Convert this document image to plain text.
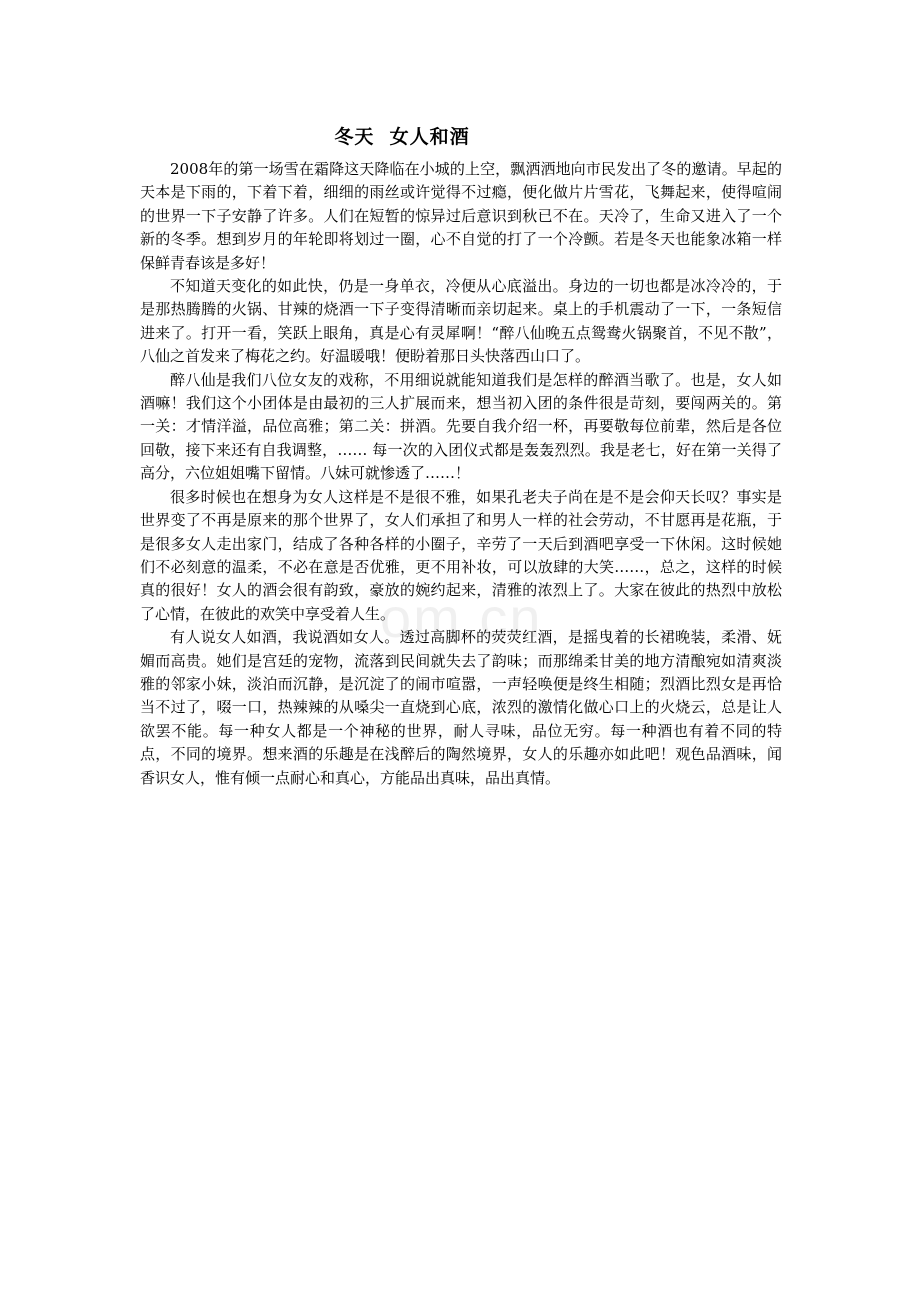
冬天  女人和酒

2008年的第一场雪在霜降这天降临在小城的上空，飘洒洒地向市民发出了冬的邀请。早起的天本是下雨的，下着下着，细细的雨丝或许觉得不过瘾，便化做片片雪花，飞舞起来，使得喧闹的世界一下子安静了许多。人们在短暂的惊异过后意识到秋已不在。天冷了，生命又进入了一个新的冬季。想到岁月的年轮即将划过一圈，心不自觉的打了一个冷颤。若是冬天也能象冰箱一样保鲜青春该是多好！

不知道天变化的如此快，仍是一身单衣，冷便从心底溢出。身边的一切也都是冰冷冷的，于是那热腾腾的火锅、甘辣的烧酒一下子变得清晰而亲切起来。桌上的手机震动了一下，一条短信进来了。打开一看，笑跃上眼角，真是心有灵犀啊！“醉八仙晚五点鸳鸯火锅聚首，不见不散”，八仙之首发来了梅花之约。好温暖哦！便盼着那日头快落西山口了。

醉八仙是我们八位女友的戏称，不用细说就能知道我们是怎样的醉酒当歌了。也是，女人如酒嘛！我们这个小团体是由最初的三人扩展而来，想当初入团的条件很是苛刻，要闯两关的。第一关：才情洋溢，品位高雅；第二关：拼酒。先要自我介绍一杯，再要敬每位前辈，然后是各位回敬，接下来还有自我调整，…… 每一次的入团仪式都是轰轰烈烈。我是老七，好在第一关得了高分，六位姐姐嘴下留情。八妹可就惨透了……！

很多时候也在想身为女人这样是不是很不雅，如果孔老夫子尚在是不是会仰天长叹？事实是世界变了不再是原来的那个世界了，女人们承担了和男人一样的社会劳动，不甘愿再是花瓶，于是很多女人走出家门，结成了各种各样的小圈子，辛劳了一天后到酒吧享受一下休闲。这时候她们不必刻意的温柔，不必在意是否优雅，更不用补妆，可以放肆的大笑……，总之，这样的时候真的很好！女人的酒会很有韵致，豪放的婉约起来，清雅的浓烈上了。大家在彼此的热烈中放松了心情，在彼此的欢笑中享受着人生。

有人说女人如酒，我说酒如女人。透过高脚杯的荧荧红酒，是摇曳着的长裙晚装，柔滑、妩媚而高贵。她们是宫廷的宠物，流落到民间就失去了韵味；而那绵柔甘美的地方清酿宛如清爽淡雅的邻家小妹，淡泊而沉静，是沉淀了的闹市喧嚣，一声轻唤便是终生相随；烈酒比烈女是再恰当不过了，啜一口，热辣辣的从嗓尖一直烧到心底，浓烈的激情化做心口上的火烧云，总是让人欲罢不能。每一种女人都是一个神秘的世界，耐人寻味，品位无穷。每一种酒也有着不同的特点，不同的境界。想来酒的乐趣是在浅醉后的陶然境界，女人的乐趣亦如此吧！观色品酒味，闻香识女人，惟有倾一点耐心和真心，方能品出真味，品出真情。

om.cn
